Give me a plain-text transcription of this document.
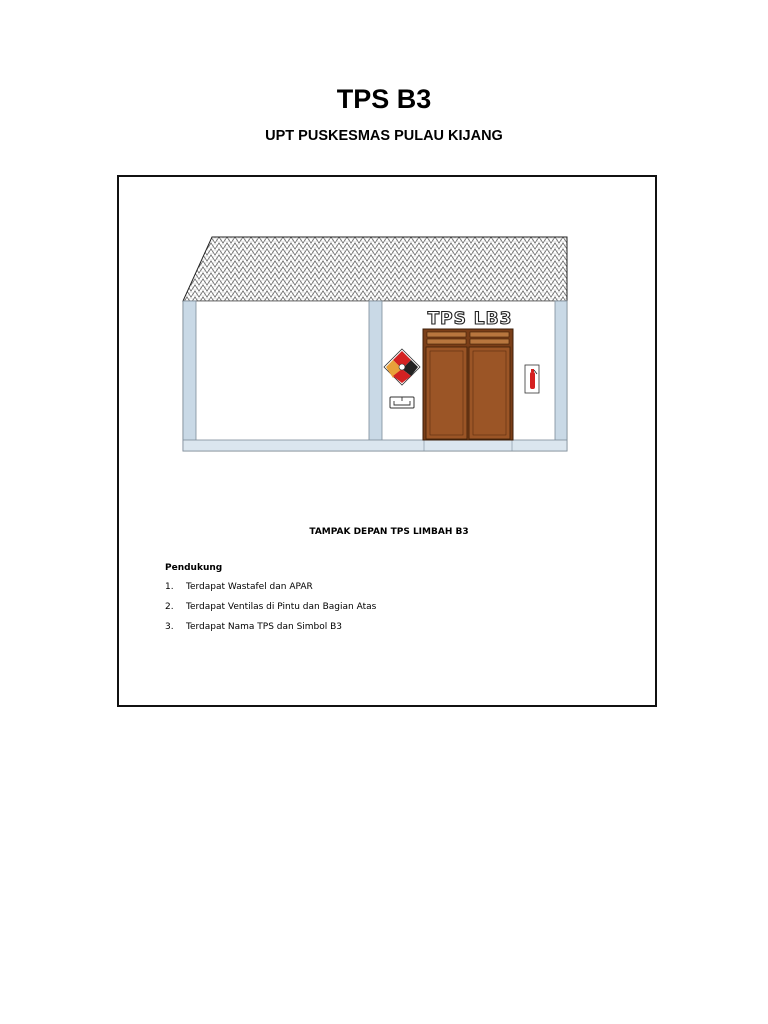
TPS B3
UPT PUSKESMAS PULAU KIJANG
TPS LB3
TAMPAK DEPAN TPS LIMBAH B3
Pendukung
1.	Terdapat Wastafel dan APAR
2.	Terdapat Ventilas di Pintu dan Bagian Atas
3.	Terdapat Nama TPS dan Simbol B3
